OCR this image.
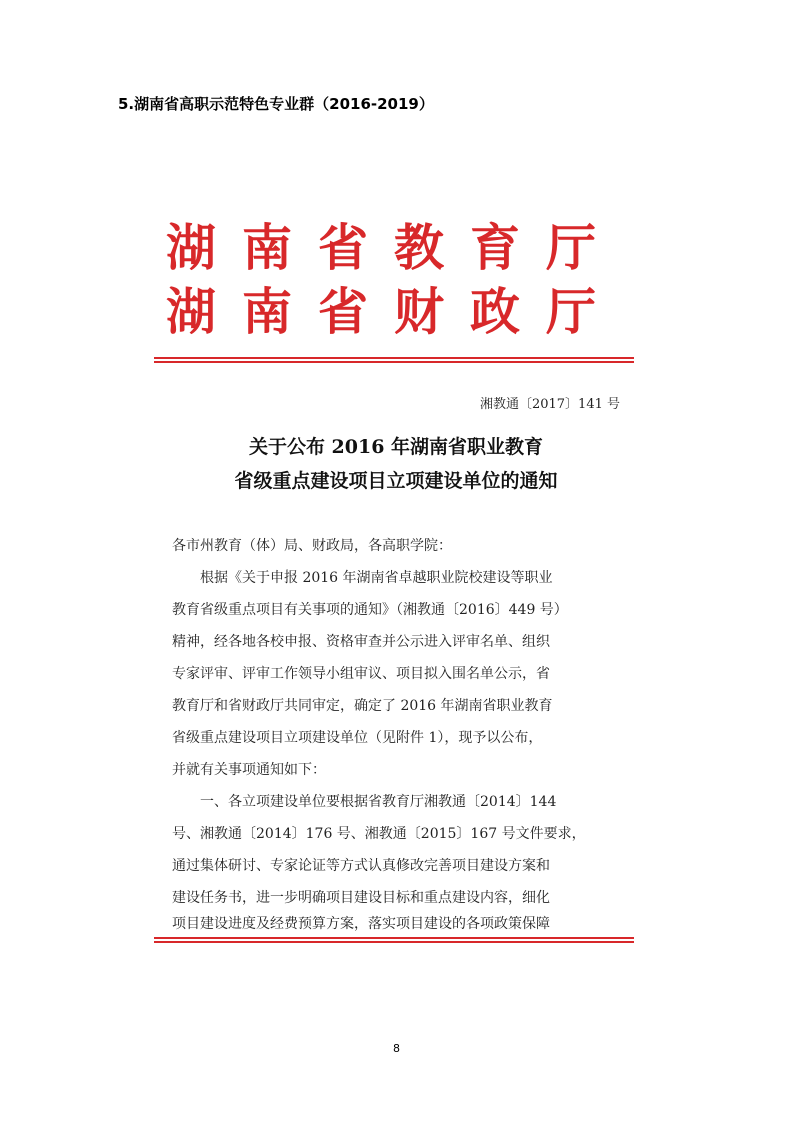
5.湖南省高职示范特色专业群（2016-2019）
湖南省教育厅
湖南省财政厅
湘教通〔2017〕141 号
关于公布 2016 年湖南省职业教育
省级重点建设项目立项建设单位的通知
各市州教育（体）局、财政局，各高职学院：
根据《关于申报 2016 年湖南省卓越职业院校建设等职业
教育省级重点项目有关事项的通知》（湘教通〔2016〕449 号）
精神，经各地各校申报、资格审查并公示进入评审名单、组织
专家评审、评审工作领导小组审议、项目拟入围名单公示，省
教育厅和省财政厅共同审定，确定了 2016 年湖南省职业教育
省级重点建设项目立项建设单位（见附件 1），现予以公布，
并就有关事项通知如下：
一、各立项建设单位要根据省教育厅湘教通〔2014〕144
号、湘教通〔2014〕176 号、湘教通〔2015〕167 号文件要求，
通过集体研讨、专家论证等方式认真修改完善项目建设方案和
建设任务书，进一步明确项目建设目标和重点建设内容，细化
项目建设进度及经费预算方案，落实项目建设的各项政策保障
8
